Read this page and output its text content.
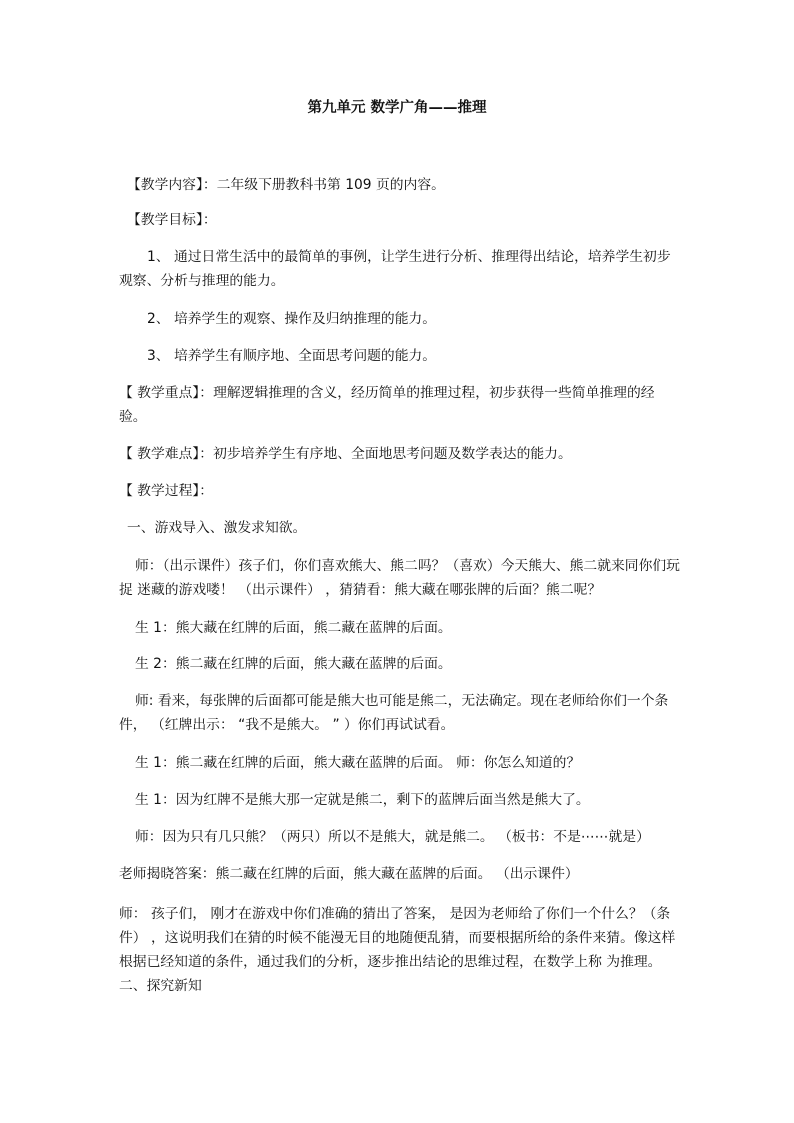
第九单元 数学广角——推理
【教学内容】：二年级下册教科书第 109 页的内容。
【教学目标】：
1、 通过日常生活中的最简单的事例，让学生进行分析、推理得出结论，培养学生初步观察、分析与推理的能力。
2、 培养学生的观察、操作及归纳推理的能力。
3、 培养学生有顺序地、全面思考问题的能力。
【 教学重点】：理解逻辑推理的含义，经历简单的推理过程，初步获得一些简单推理的经验。
【 教学难点】：初步培养学生有序地、全面地思考问题及数学表达的能力。
【 教学过程】：
一、游戏导入、激发求知欲。
师：（出示课件）孩子们，你们喜欢熊大、熊二吗？（喜欢）今天熊大、熊二就来同你们玩捉 迷藏的游戏喽！ （出示课件） ，猜猜看：熊大藏在哪张牌的后面？熊二呢？
生 1：熊大藏在红牌的后面，熊二藏在蓝牌的后面。
生 2：熊二藏在红牌的后面，熊大藏在蓝牌的后面。
师: 看来，每张牌的后面都可能是熊大也可能是熊二，无法确定。现在老师给你们一个条件， （红牌出示： “我不是熊大。 ” ）你们再试试看。
生 1：熊二藏在红牌的后面，熊大藏在蓝牌的后面。 师：你怎么知道的？
生 1：因为红牌不是熊大那一定就是熊二，剩下的蓝牌后面当然是熊大了。
师：因为只有几只熊？（两只）所以不是熊大，就是熊二。 （板书：不是⋯⋯就是）
老师揭晓答案：熊二藏在红牌的后面，熊大藏在蓝牌的后面。 （出示课件）
师： 孩子们， 刚才在游戏中你们准确的猜出了答案， 是因为老师给了你们一个什么？（条件） ，这说明我们在猜的时候不能漫无目的地随便乱猜，而要根据所给的条件来猜。像这样根据已经知道的条件，通过我们的分析，逐步推出结论的思维过程，在数学上称 为推理。二、探究新知
